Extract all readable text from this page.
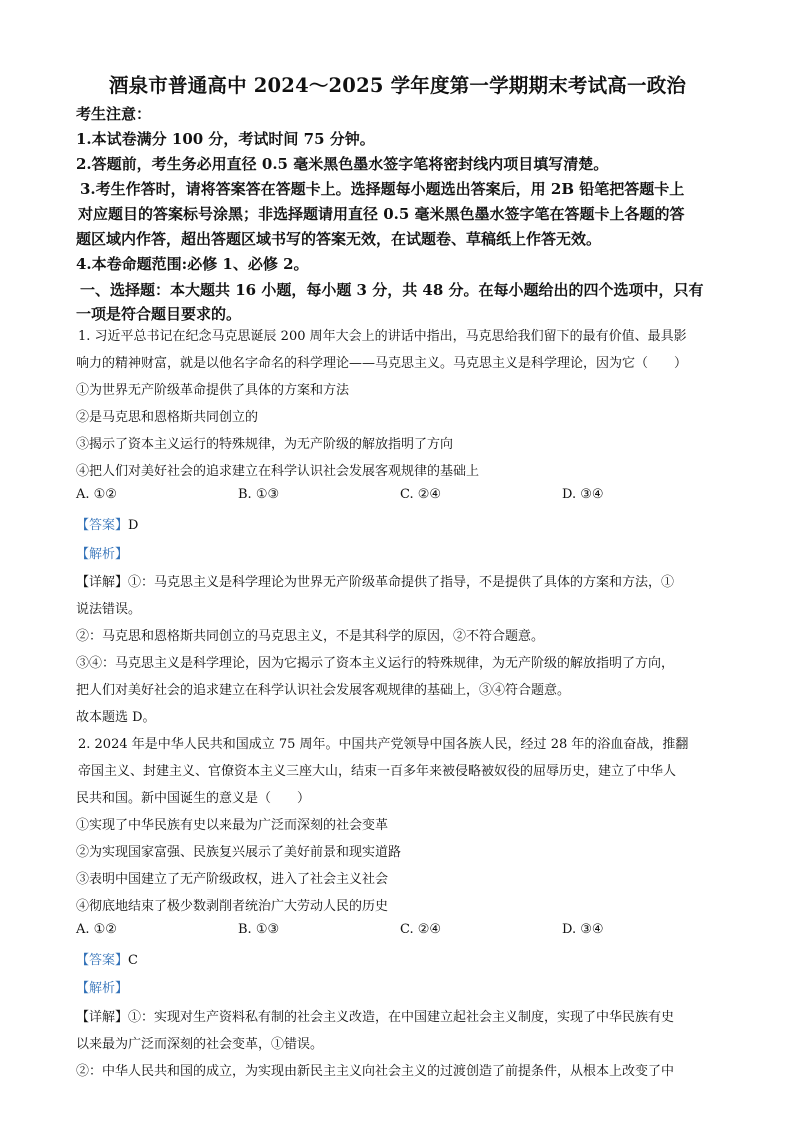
酒泉市普通高中 2024～2025 学年度第一学期期末考试高一政治
考生注意：
1.本试卷满分 100 分，考试时间 75 分钟。
2.答题前，考生务必用直径 0.5 毫米黑色墨水签字笔将密封线内项目填写清楚。
3.考生作答时，请将答案答在答题卡上。选择题每小题选出答案后，用 2B 铅笔把答题卡上
对应题目的答案标号涂黑；非选择题请用直径 0.5 毫米黑色墨水签字笔在答题卡上各题的答
题区域内作答，超出答题区域书写的答案无效，在试题卷、草稿纸上作答无效。
4.本卷命题范围:必修 1、必修 2。
一、选择题：本大题共 16 小题，每小题 3 分，共 48 分。在每小题给出的四个选项中，只有
一项是符合题目要求的。
1. 习近平总书记在纪念马克思诞辰 200 周年大会上的讲话中指出，马克思给我们留下的最有价值、最具影
响力的精神财富，就是以他名字命名的科学理论——马克思主义。马克思主义是科学理论，因为它（　　）
①为世界无产阶级革命提供了具体的方案和方法
②是马克思和恩格斯共同创立的
③揭示了资本主义运行的特殊规律，为无产阶级的解放指明了方向
④把人们对美好社会的追求建立在科学认识社会发展客观规律的基础上
A. ①②	B. ①③	C. ②④	D. ③④
【答案】D
【解析】
【详解】①：马克思主义是科学理论为世界无产阶级革命提供了指导，不是提供了具体的方案和方法，①
说法错误。
②：马克思和恩格斯共同创立的马克思主义，不是其科学的原因，②不符合题意。
③④：马克思主义是科学理论，因为它揭示了资本主义运行的特殊规律，为无产阶级的解放指明了方向，
把人们对美好社会的追求建立在科学认识社会发展客观规律的基础上，③④符合题意。
故本题选 D。
2. 2024 年是中华人民共和国成立 75 周年。中国共产党领导中国各族人民，经过 28 年的浴血奋战，推翻
帝国主义、封建主义、官僚资本主义三座大山，结束一百多年来被侵略被奴役的屈辱历史，建立了中华人
民共和国。新中国诞生的意义是（　　）
①实现了中华民族有史以来最为广泛而深刻的社会变革
②为实现国家富强、民族复兴展示了美好前景和现实道路
③表明中国建立了无产阶级政权，进入了社会主义社会
④彻底地结束了极少数剥削者统治广大劳动人民的历史
A. ①②	B. ①③	C. ②④	D. ③④
【答案】C
【解析】
【详解】①：实现对生产资料私有制的社会主义改造，在中国建立起社会主义制度，实现了中华民族有史
以来最为广泛而深刻的社会变革，①错误。
②：中华人民共和国的成立，为实现由新民主主义向社会主义的过渡创造了前提条件，从根本上改变了中
